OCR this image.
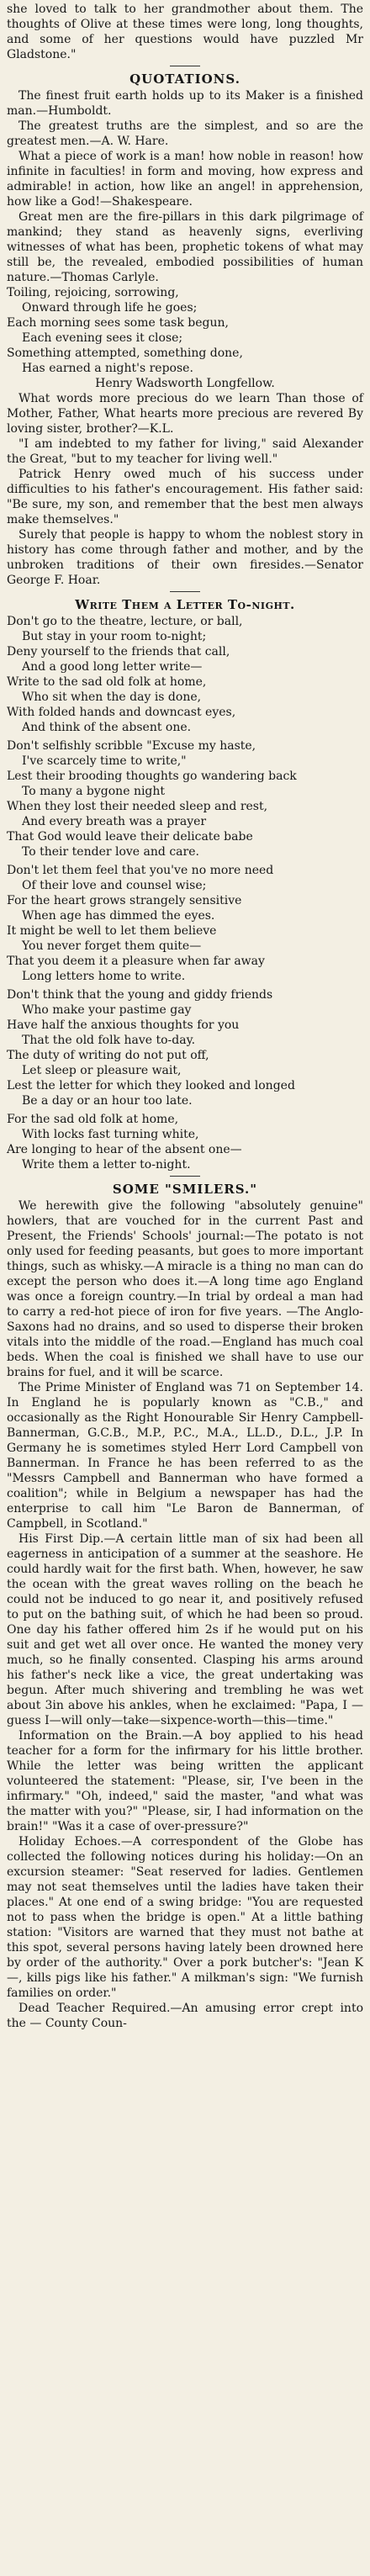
she loved to talk to her grandmother about them. The thoughts of Olive at these times were long, long thoughts, and some of her questions would have puzzled Mr Gladstone."

QUOTATIONS.

The finest fruit earth holds up to its Maker is a finished man.—Humboldt.

The greatest truths are the simplest, and so are the greatest men.—A. W. Hare.

What a piece of work is a man! how noble in reason! how infinite in faculties! in form and moving, how express and admirable! in action, how like an angel! in apprehension, how like a God!—Shakespeare.

Great men are the fire-pillars in this dark pilgrimage of mankind; they stand as heavenly signs, everliving witnesses of what has been, prophetic tokens of what may still be, the revealed, embodied possibilities of human nature.—Thomas Carlyle.

Toiling, rejoicing, sorrowing,
Onward through life he goes;
Each morning sees some task begun,
Each evening sees it close;
Something attempted, something done,
Has earned a night's repose.

Henry Wadsworth Longfellow.

What words more precious do we learn Than those of Mother, Father, What hearts more precious are revered By loving sister, brother?—K.L.

"I am indebted to my father for living," said Alexander the Great, "but to my teacher for living well."

Patrick Henry owed much of his success under difficulties to his father's encouragement. His father said: "Be sure, my son, and remember that the best men always make themselves."

Surely that people is happy to whom the noblest story in history has come through father and mother, and by the unbroken traditions of their own firesides.—Senator George F. Hoar.

Write Them a Letter To-night.
Don't go to the theatre, lecture, or ball,
But stay in your room to-night;
Deny yourself to the friends that call,
And a good long letter write—
Write to the sad old folk at home,
Who sit when the day is done,
With folded hands and downcast eyes,
And think of the absent one.
Don't selfishly scribble "Excuse my haste,
I've scarcely time to write,"
Lest their brooding thoughts go wandering back
To many a bygone night
When they lost their needed sleep and rest,
And every breath was a prayer
That God would leave their delicate babe
To their tender love and care.
Don't let them feel that you've no more need
Of their love and counsel wise;
For the heart grows strangely sensitive
When age has dimmed the eyes.
It might be well to let them believe
You never forget them quite—
That you deem it a pleasure when far away
Long letters home to write.
Don't think that the young and giddy friends
Who make your pastime gay
Have half the anxious thoughts for you
That the old folk have to-day.
The duty of writing do not put off,
Let sleep or pleasure wait,
Lest the letter for which they looked and longed
Be a day or an hour too late.
For the sad old folk at home,
With locks fast turning white,
Are longing to hear of the absent one—
Write them a letter to-night.
SOME "SMILERS."

We herewith give the following "absolutely genuine" howlers, that are vouched for in the current Past and Present, the Friends' Schools' journal:—The potato is not only used for feeding peasants, but goes to more important things, such as whisky.—A miracle is a thing no man can do except the person who does it.—A long time ago England was once a foreign country.—In trial by ordeal a man had to carry a red-hot piece of iron for five years. —The Anglo-Saxons had no drains, and so used to disperse their broken vitals into the middle of the road.—England has much coal beds. When the coal is finished we shall have to use our brains for fuel, and it will be scarce.

The Prime Minister of England was 71 on September 14. In England he is popularly known as "C.B.," and occasionally as the Right Honourable Sir Henry Campbell-Bannerman, G.C.B., M.P., P.C., M.A., LL.D., D.L., J.P. In Germany he is sometimes styled Herr Lord Campbell von Bannerman. In France he has been referred to as the "Messrs Campbell and Bannerman who have formed a coalition"; while in Belgium a newspaper has had the enterprise to call him "Le Baron de Bannerman, of Campbell, in Scotland."

His First Dip.—A certain little man of six had been all eagerness in anticipation of a summer at the seashore. He could hardly wait for the first bath. When, however, he saw the ocean with the great waves rolling on the beach he could not be induced to go near it, and positively refused to put on the bathing suit, of which he had been so proud. One day his father offered him 2s if he would put on his suit and get wet all over once. He wanted the money very much, so he finally consented. Clasping his arms around his father's neck like a vice, the great undertaking was begun. After much shivering and trembling he was wet about 3in above his ankles, when he exclaimed: "Papa, I —guess I—will only—take—sixpence-worth—this—time."

Information on the Brain.—A boy applied to his head teacher for a form for the infirmary for his little brother. While the letter was being written the applicant volunteered the statement: "Please, sir, I've been in the infirmary." "Oh, indeed," said the master, "and what was the matter with you?" "Please, sir, I had information on the brain!" "Was it a case of over-pressure?"

Holiday Echoes.—A correspondent of the Globe has collected the following notices during his holiday:—On an excursion steamer: "Seat reserved for ladies. Gentlemen may not seat themselves until the ladies have taken their places." At one end of a swing bridge: "You are requested not to pass when the bridge is open." At a little bathing station: "Visitors are warned that they must not bathe at this spot, several persons having lately been drowned here by order of the authority." Over a pork butcher's: "Jean K—, kills pigs like his father." A milkman's sign: "We furnish families on order."

Dead Teacher Required.—An amusing error crept into the — County Coun-
